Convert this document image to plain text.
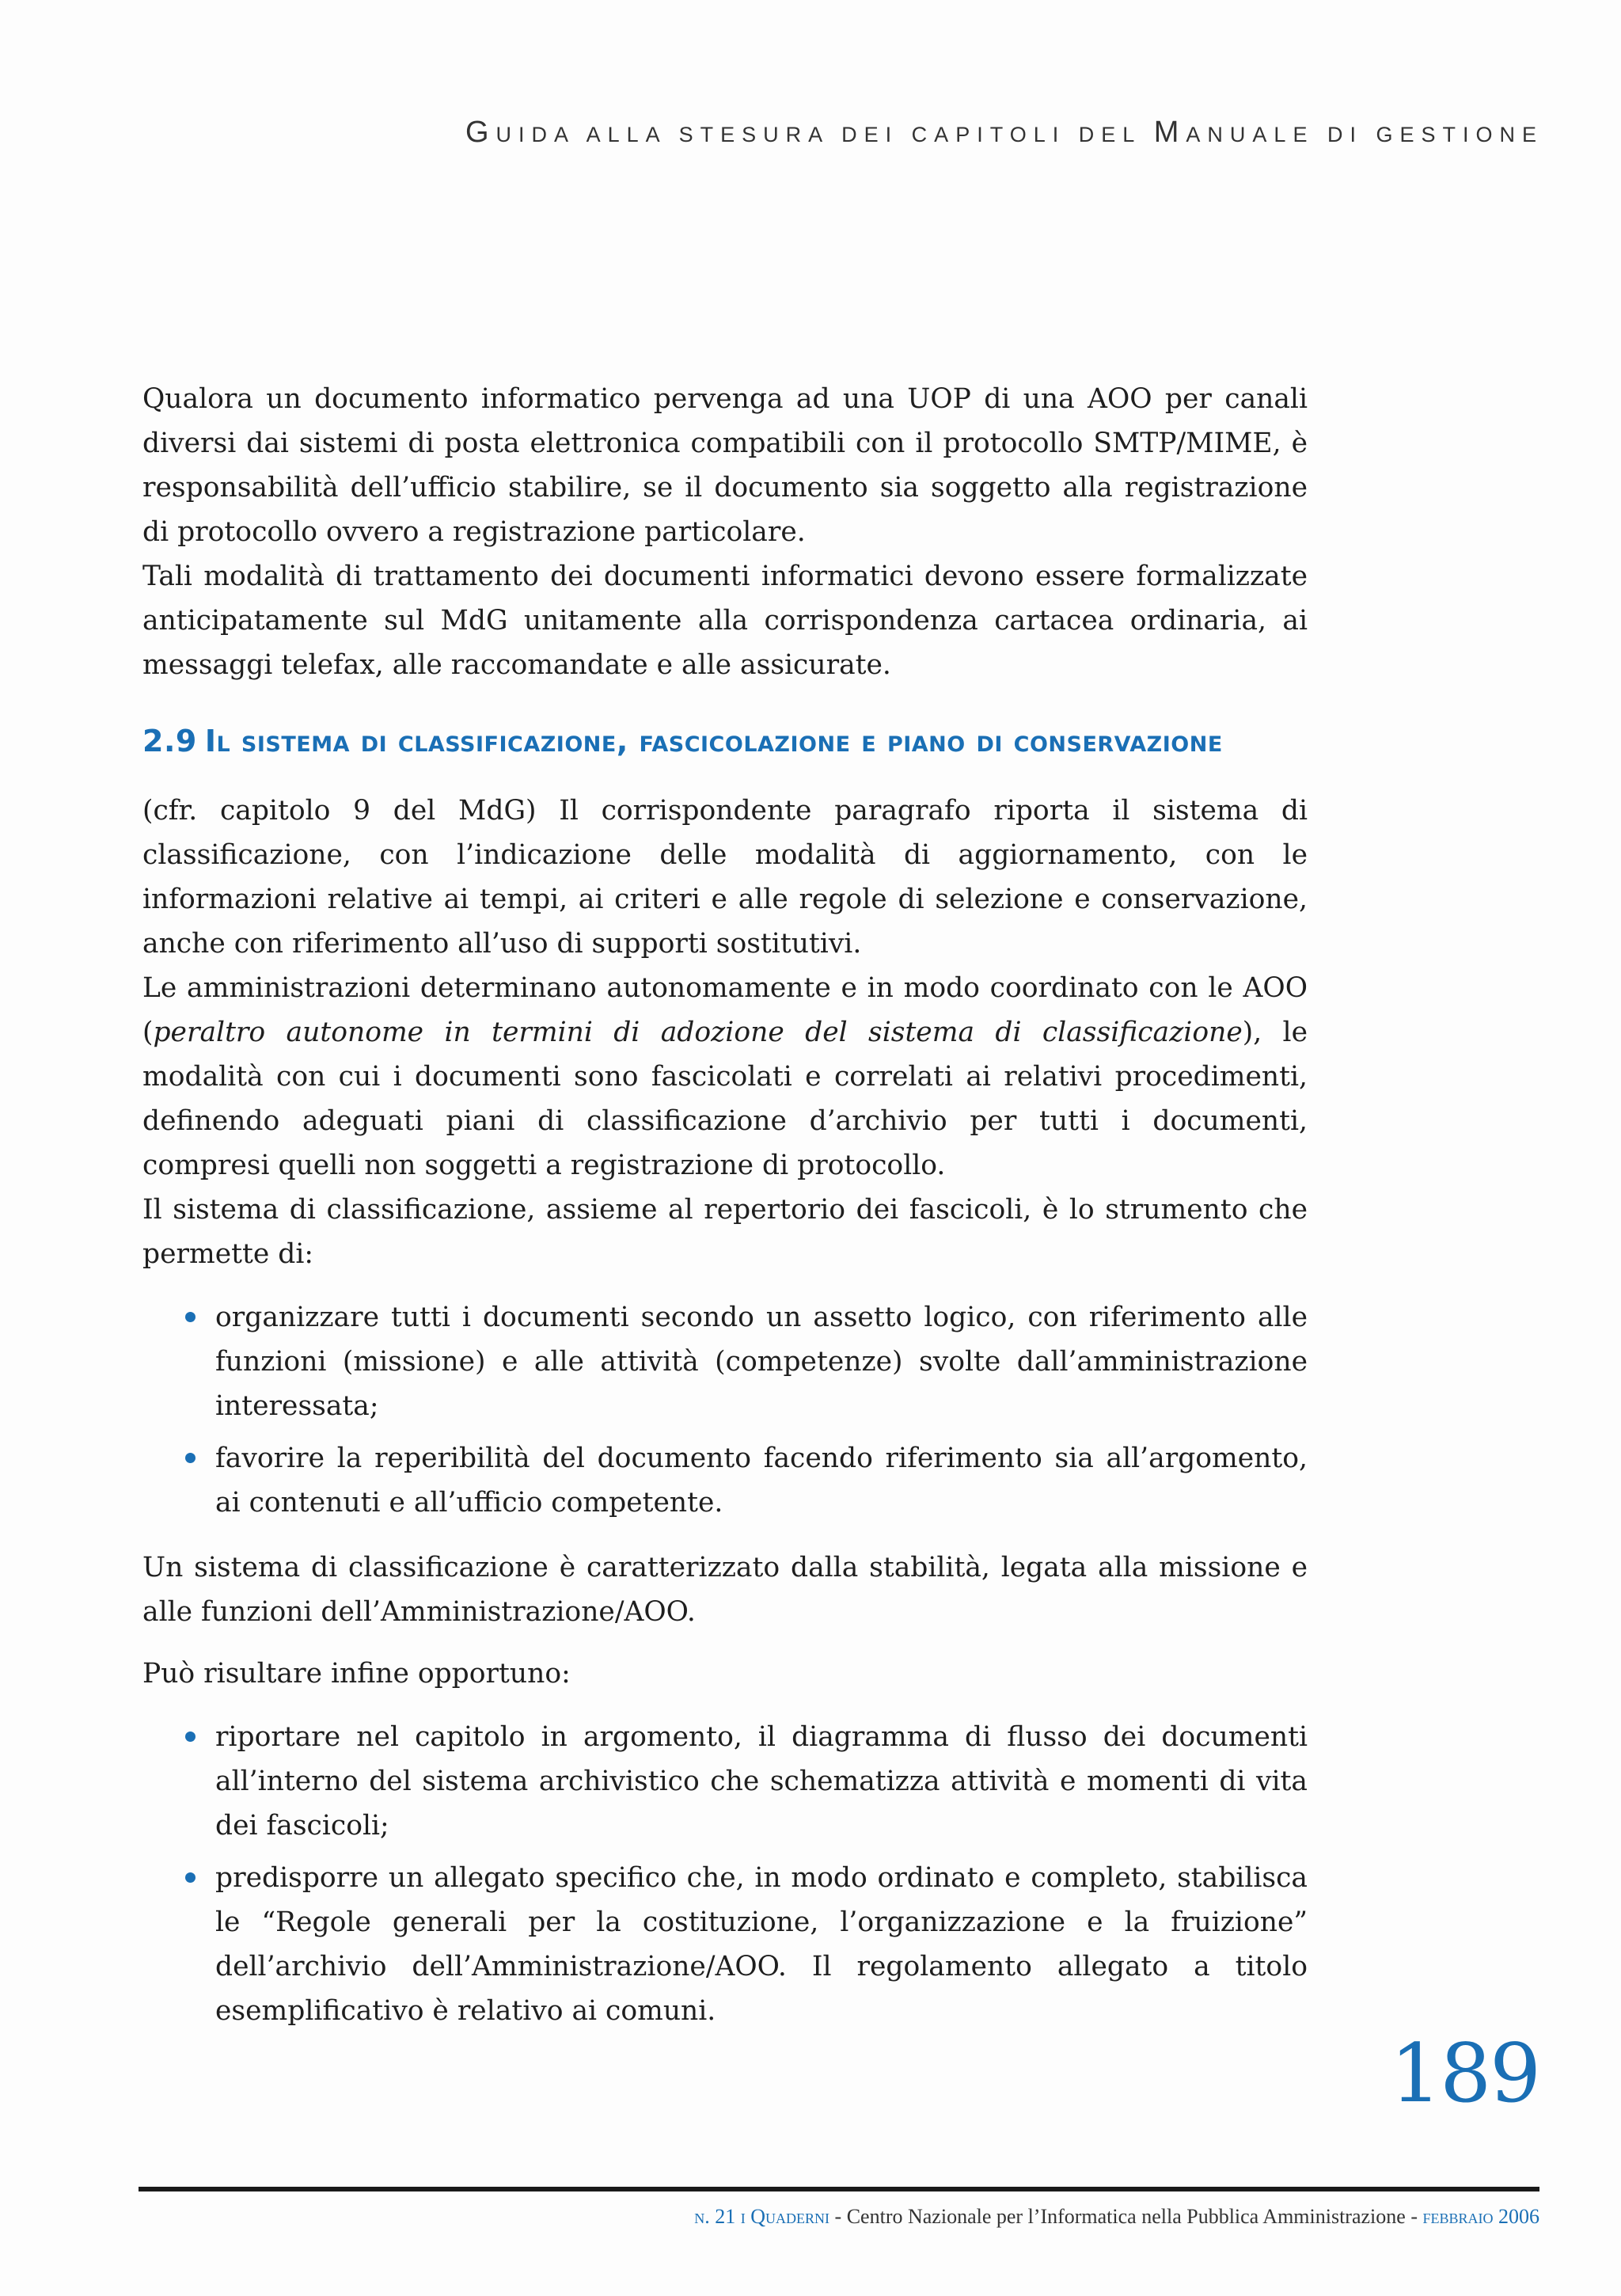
GUIDA ALLA STESURA DEI CAPITOLI DEL MANUALE DI GESTIONE

Qualora un documento informatico pervenga ad una UOP di una AOO per canali diversi dai sistemi di posta elettronica compatibili con il protocollo SMTP/MIME, è responsabilità dell’ufficio stabilire, se il documento sia soggetto alla registrazione di protocollo ovvero a registrazione particolare.

Tali modalità di trattamento dei documenti informatici devono essere formalizzate anticipatamente sul MdG unitamente alla corrispondenza cartacea ordinaria, ai messaggi telefax, alle raccomandate e alle assicurate.

2.9 Il sistema di classificazione, fascicolazione e piano di conservazione

(cfr. capitolo 9 del MdG) Il corrispondente paragrafo riporta il sistema di classificazione, con l’indicazione delle modalità di aggiornamento, con le informazioni relative ai tempi, ai criteri e alle regole di selezione e conservazione, anche con riferimento all’uso di supporti sostitutivi.

Le amministrazioni determinano autonomamente e in modo coordinato con le AOO (peraltro autonome in termini di adozione del sistema di classificazione), le modalità con cui i documenti sono fascicolati e correlati ai relativi procedimenti, definendo adeguati piani di classificazione d’archivio per tutti i documenti, compresi quelli non soggetti a registrazione di protocollo.

Il sistema di classificazione, assieme al repertorio dei fascicoli, è lo strumento che permette di:

organizzare tutti i documenti secondo un assetto logico, con riferimento alle funzioni (missione) e alle attività (competenze) svolte dall’amministrazione interessata;
favorire la reperibilità del documento facendo riferimento sia all’argomento, ai contenuti e all’ufficio competente.

Un sistema di classificazione è caratterizzato dalla stabilità, legata alla missione e alle funzioni dell’Amministrazione/AOO.

Può risultare infine opportuno:

riportare nel capitolo in argomento, il diagramma di flusso dei documenti all’interno del sistema archivistico che schematizza attività e momenti di vita dei fascicoli;
predisporre un allegato specifico che, in modo ordinato e completo, stabilisca le “Regole generali per la costituzione, l’organizzazione e la fruizione” dell’archivio dell’Amministrazione/AOO. Il regolamento allegato a titolo esemplificativo è relativo ai comuni.
189
n. 21 i Quaderni - Centro Nazionale per l’Informatica nella Pubblica Amministrazione - febbraio 2006
